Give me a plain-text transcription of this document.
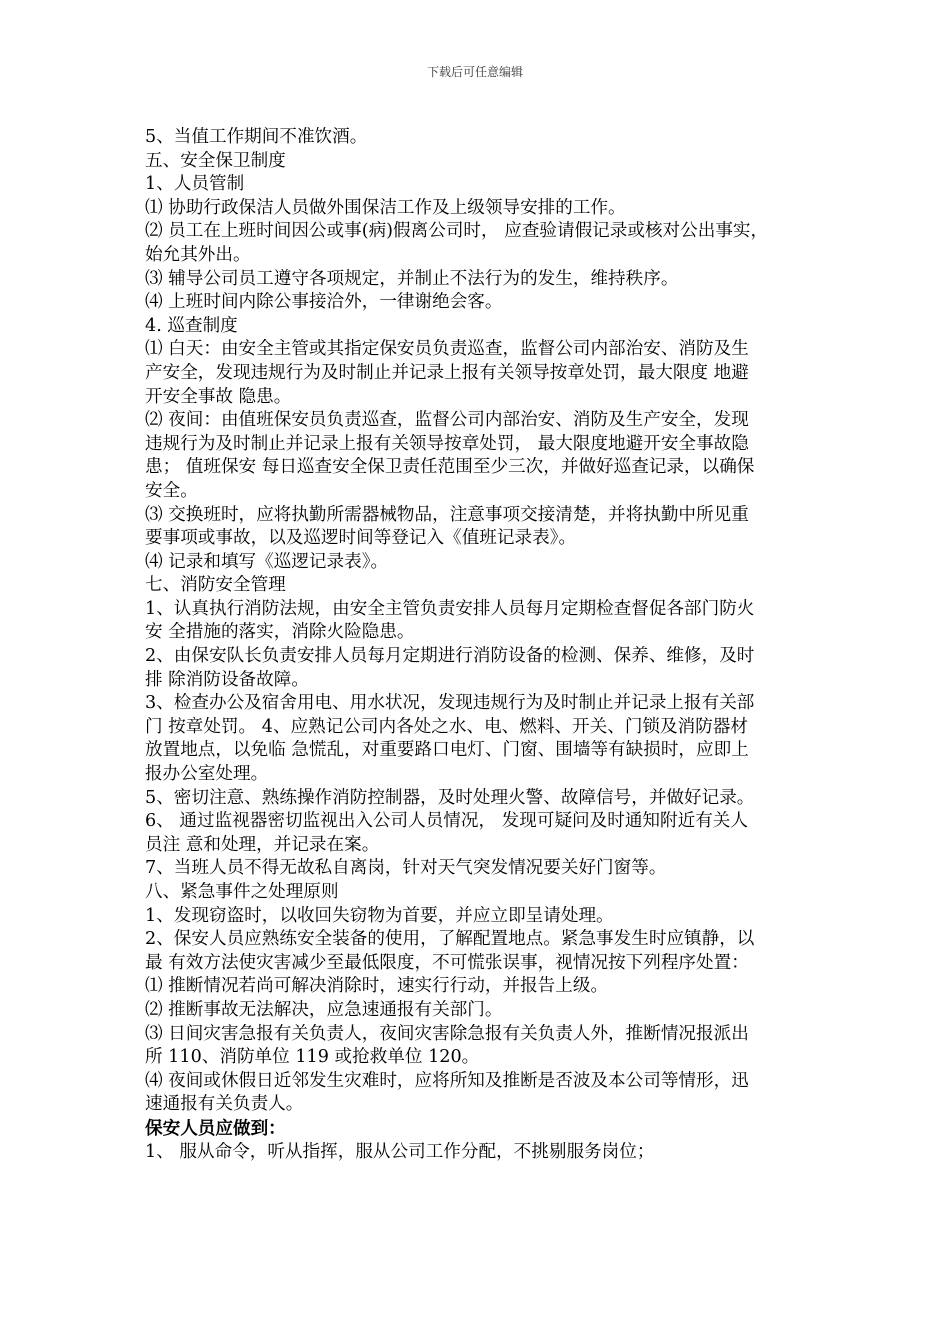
下载后可任意编辑
5、当值工作期间不准饮酒。
五、安全保卫制度
1、人员管制
⑴ 协助行政保洁人员做外围保洁工作及上级领导安排的工作。
⑵ 员工在上班时间因公或事(病)假离公司时， 应查验请假记录或核对公出事实，
始允其外出。
⑶ 辅导公司员工遵守各项规定，并制止不法行为的发生，维持秩序。
⑷ 上班时间内除公事接洽外，一律谢绝会客。
4. 巡查制度
⑴ 白天：由安全主管或其指定保安员负责巡查，监督公司内部治安、消防及生
产安全，发现违规行为及时制止并记录上报有关领导按章处罚，最大限度 地避
开安全事故 隐患。
⑵ 夜间：由值班保安员负责巡查，监督公司内部治安、消防及生产安全，发现
违规行为及时制止并记录上报有关领导按章处罚， 最大限度地避开安全事故隐
患； 值班保安 每日巡查安全保卫责任范围至少三次，并做好巡查记录，以确保
安全。
⑶ 交换班时，应将执勤所需器械物品，注意事项交接清楚，并将执勤中所见重
要事项或事故，以及巡逻时间等登记入《值班记录表》。
⑷ 记录和填写《巡逻记录表》。
七、消防安全管理
1、认真执行消防法规，由安全主管负责安排人员每月定期检查督促各部门防火
安 全措施的落实，消除火险隐患。
2、由保安队长负责安排人员每月定期进行消防设备的检测、保养、维修，及时
排 除消防设备故障。
3、检查办公及宿舍用电、用水状况，发现违规行为及时制止并记录上报有关部
门 按章处罚。 4、应熟记公司内各处之水、电、燃料、开关、门锁及消防器材
放置地点，以免临 急慌乱，对重要路口电灯、门窗、围墙等有缺损时，应即上
报办公室处理。
5、密切注意、熟练操作消防控制器，及时处理火警、故障信号，并做好记录。
6、 通过监视器密切监视出入公司人员情况， 发现可疑问及时通知附近有关人
员注 意和处理，并记录在案。
7、当班人员不得无故私自离岗，针对天气突发情况要关好门窗等。
八、紧急事件之处理原则
1、发现窃盗时，以收回失窃物为首要，并应立即呈请处理。
2、保安人员应熟练安全装备的使用，了解配置地点。紧急事发生时应镇静，以
最 有效方法使灾害减少至最低限度，不可慌张误事，视情况按下列程序处置：
⑴ 推断情况若尚可解决消除时，速实行行动，并报告上级。
⑵ 推断事故无法解决，应急速通报有关部门。
⑶ 日间灾害急报有关负责人，夜间灾害除急报有关负责人外，推断情况报派出
所 110、消防单位 119 或抢救单位 120。
⑷ 夜间或休假日近邻发生灾难时，应将所知及推断是否波及本公司等情形，迅
速通报有关负责人。
保安人员应做到：
1、 服从命令，听从指挥，服从公司工作分配，不挑剔服务岗位；
